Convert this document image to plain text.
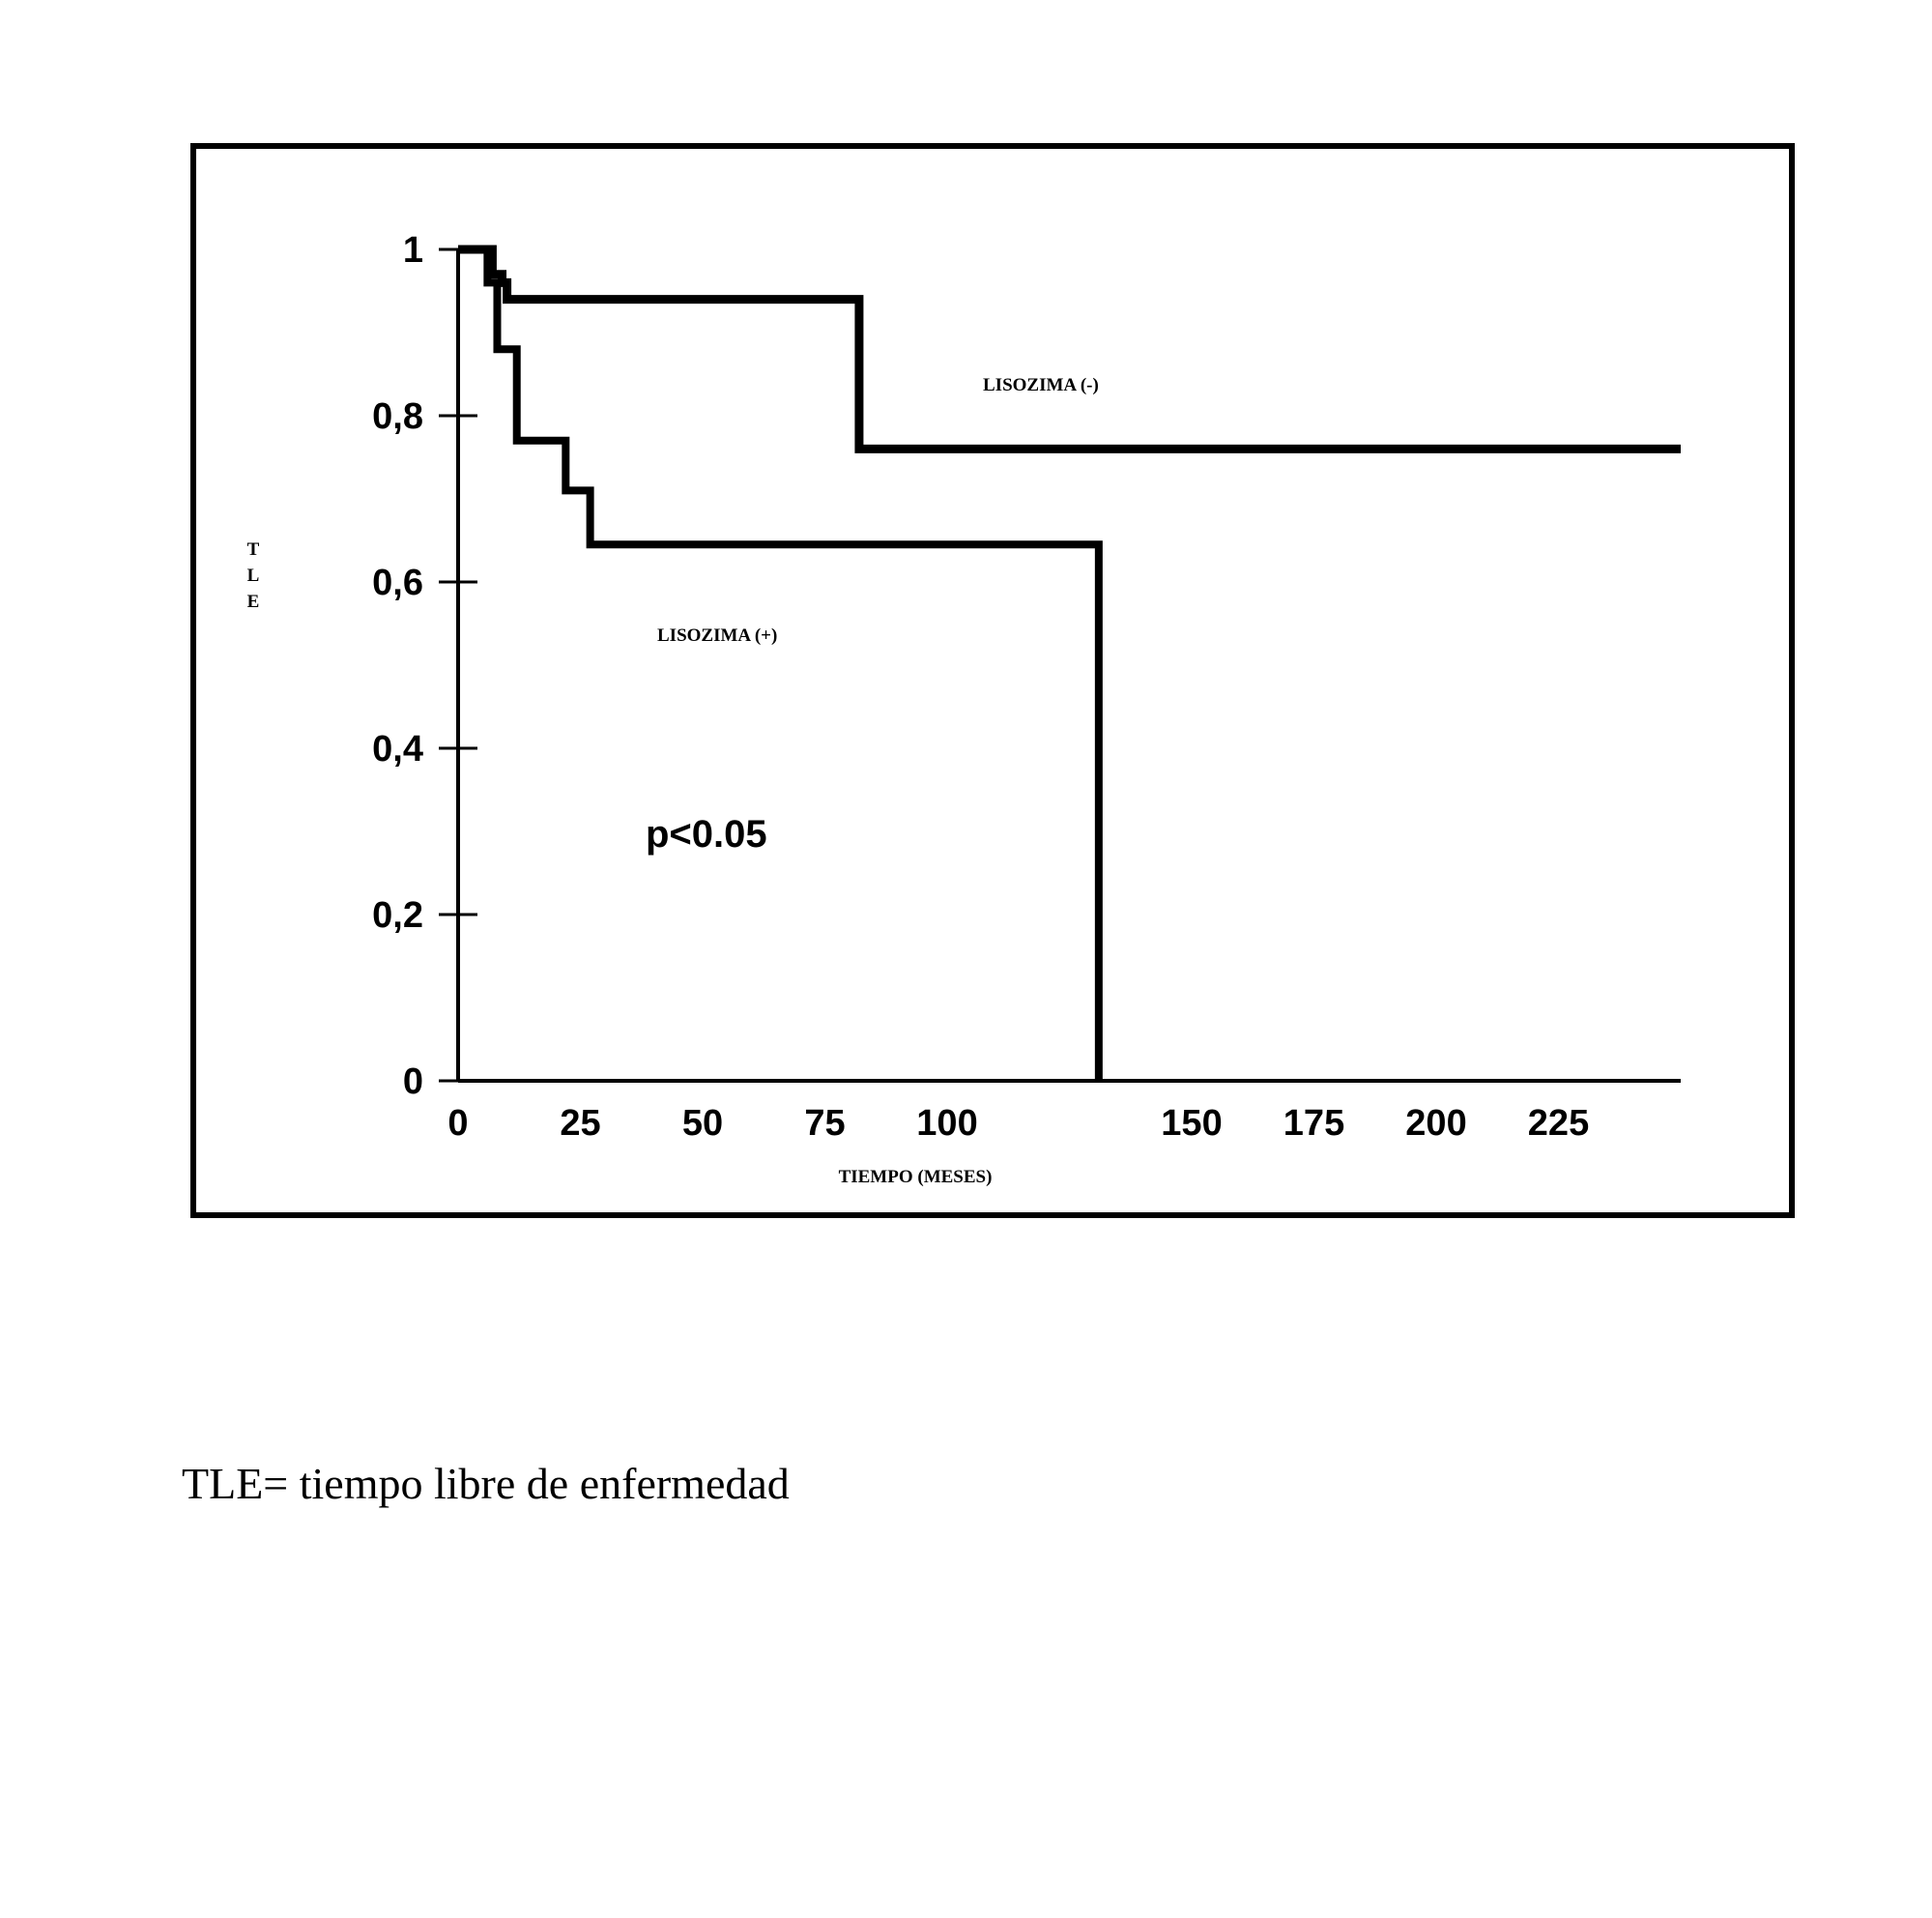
0
0,2
0,4
0,6
0,8
1
0 25 50 75 100	150 175 200 225
T
L
E
TIEMPO (MESES)
LISOZIMA (-)
LISOZIMA (+)
p<0.05
TLE= tiempo libre de enfermedad
